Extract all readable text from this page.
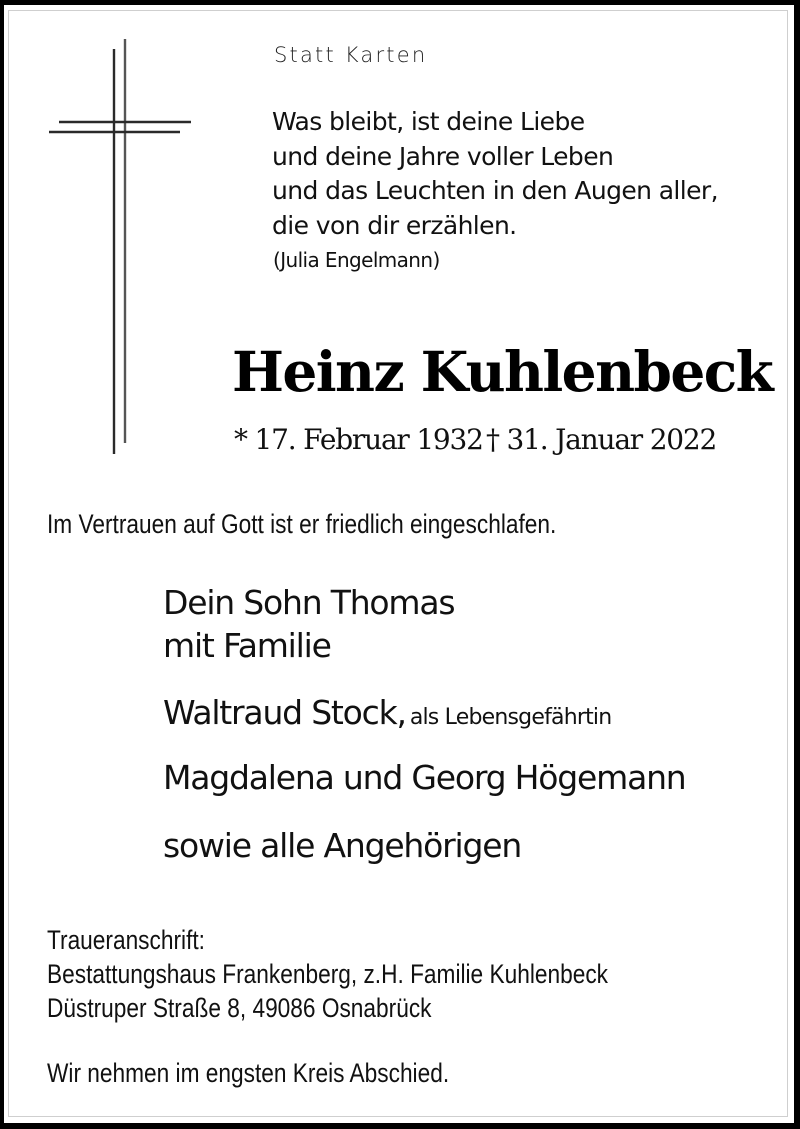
Statt Karten

Was bleibt, ist deine Liebe

und deine Jahre voller Leben

und das Leuchten in den Augen aller,

die von dir erzählen.

(Julia Engelmann)

Heinz Kuhlenbeck

* 17. Februar 1932 † 31. Januar 2022

Im Vertrauen auf Gott ist er friedlich eingeschlafen.

Dein Sohn Thomas

mit Familie

Waltraud Stock, als Lebensgefährtin

Magdalena und Georg Högemann

sowie alle Angehörigen

Traueranschrift:

Bestattungshaus Frankenberg, z.H. Familie Kuhlenbeck

Düstruper Straße 8, 49086 Osnabrück

Wir nehmen im engsten Kreis Abschied.
